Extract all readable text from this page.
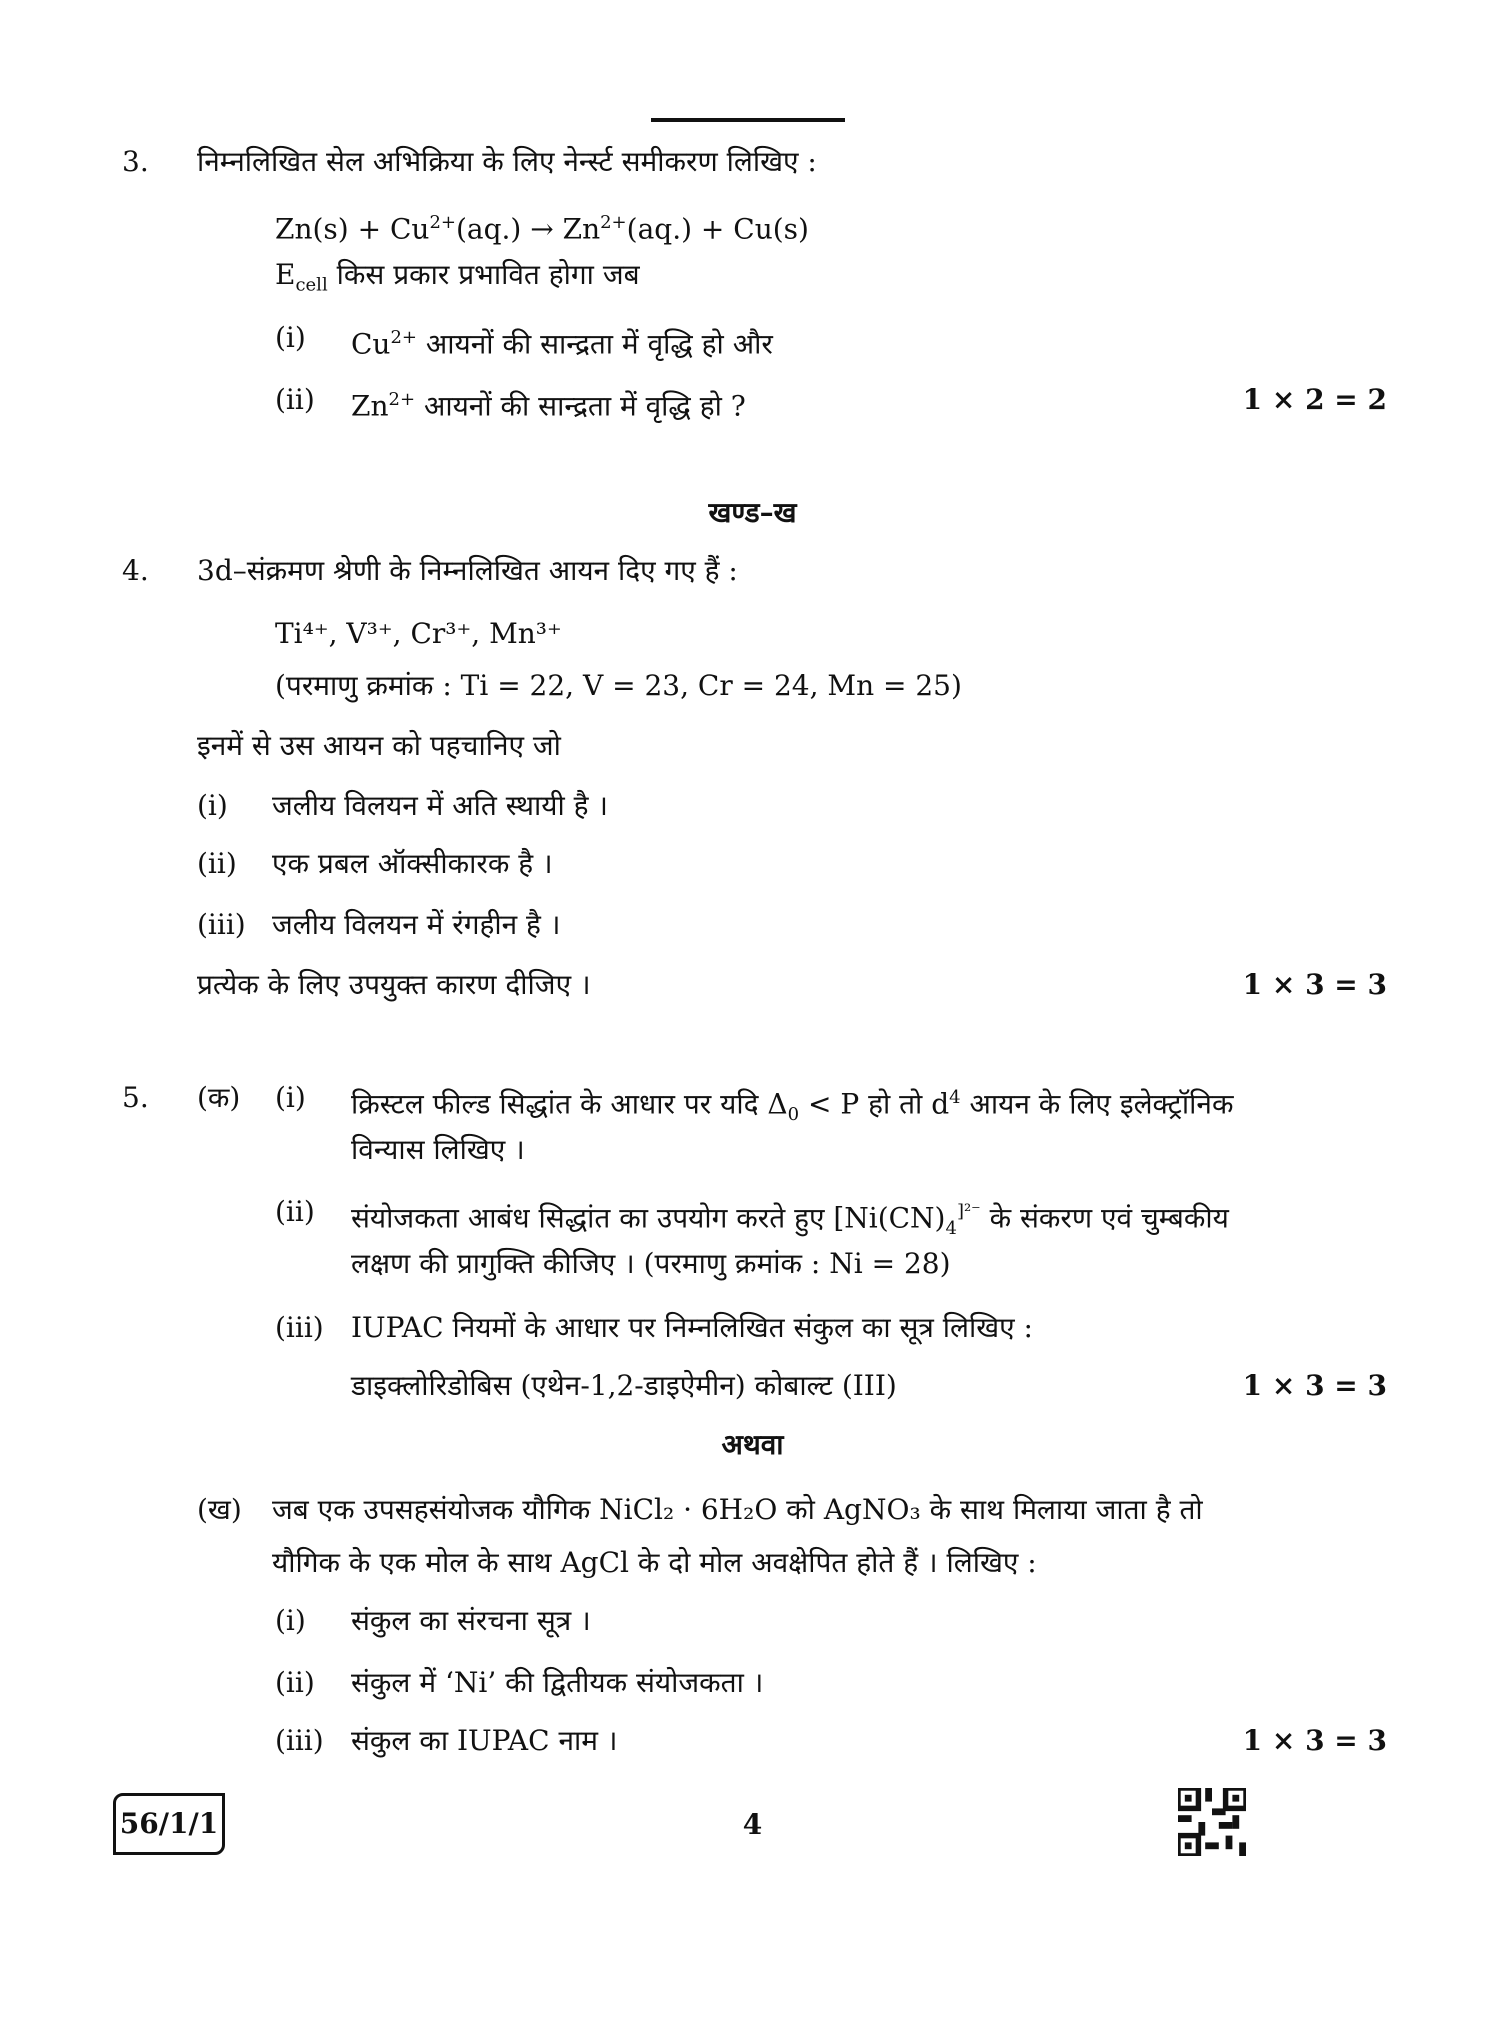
3. निम्नलिखित सेल अभिक्रिया के लिए नेर्न्स्ट समीकरण लिखिए :
$Zn(s) + Cu^{2+}(aq.) \to Zn^{2+}(aq.) + Cu(s)$
$E_{cell}$ किस प्रकार प्रभावित होगा जब
(i) $Cu^{2+}$ आयनों की सान्द्रता में वृद्धि हो और
(ii) $Zn^{2+}$ आयनों की सान्द्रता में वृद्धि हो ?	1 × 2 = 2
खण्ड–ख
4. 3d–संक्रमण श्रेणी के निम्नलिखित आयन दिए गए हैं :
Ti⁴⁺, V³⁺, Cr³⁺, Mn³⁺
(परमाणु क्रमांक : Ti = 22, V = 23, Cr = 24, Mn = 25)
इनमें से उस आयन को पहचानिए जो
(i) जलीय विलयन में अति स्थायी है ।
(ii) एक प्रबल ऑक्सीकारक है ।
(iii) जलीय विलयन में रंगहीन है ।
प्रत्येक के लिए उपयुक्त कारण दीजिए ।	1 × 3 = 3
5. (क) (i) क्रिस्टल फील्ड सिद्धांत के आधार पर यदि $\Delta_0 < P$ हो तो $d^4$ आयन के लिए इलेक्ट्रॉनिक
विन्यास लिखिए ।
(ii) संयोजकता आबंध सिद्धांत का उपयोग करते हुए [$Ni(CN)_4^{]^{2-}}$ के संकरण एवं चुम्बकीय
लक्षण की प्रागुक्ति कीजिए । (परमाणु क्रमांक : Ni = 28)
(iii) IUPAC नियमों के आधार पर निम्नलिखित संकुल का सूत्र लिखिए :
डाइक्लोरिडोबिस (एथेन-1,2-डाइऐमीन) कोबाल्ट (III)	1 × 3 = 3
अथवा
(ख) जब एक उपसहसंयोजक यौगिक NiCl₂ · 6H₂O को AgNO₃ के साथ मिलाया जाता है तो
यौगिक के एक मोल के साथ AgCl के दो मोल अवक्षेपित होते हैं । लिखिए :
(i) संकुल का संरचना सूत्र ।
(ii) संकुल में ‘Ni’ की द्वितीयक संयोजकता ।
(iii) संकुल का IUPAC नाम ।	1 × 3 = 3
56/1/1	4
